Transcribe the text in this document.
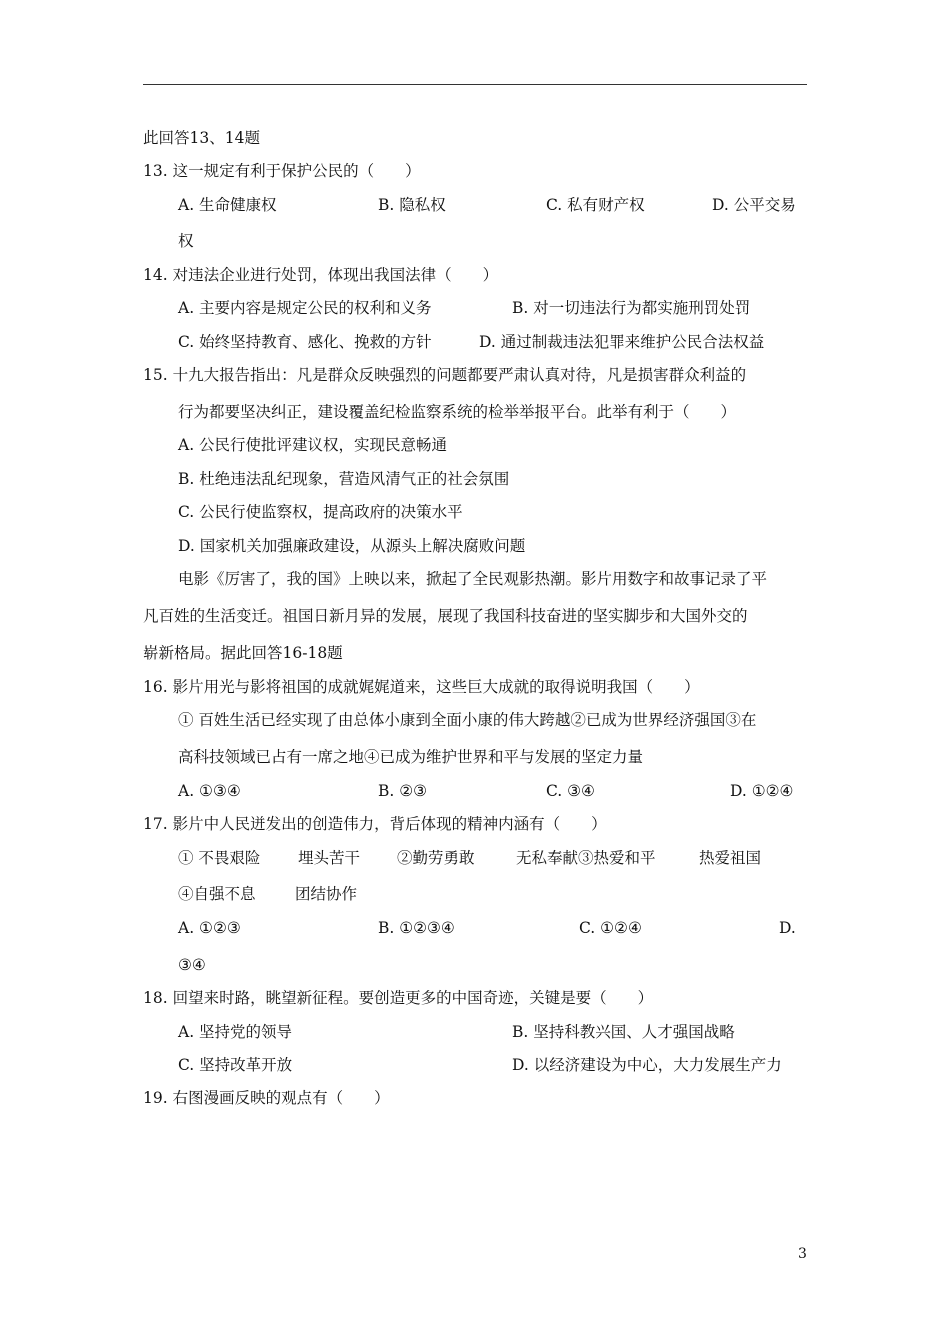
此回答13、14题
13. 这一规定有利于保护公民的（　　）
A. 生命健康权	B. 隐私权	C. 私有财产权	D. 公平交易
权
14. 对违法企业进行处罚，体现出我国法律（　　）
A. 主要内容是规定公民的权利和义务	B. 对一切违法行为都实施刑罚处罚
C. 始终坚持教育、感化、挽救的方针	D. 通过制裁违法犯罪来维护公民合法权益
15. 十九大报告指出：凡是群众反映强烈的问题都要严肃认真对待，凡是损害群众利益的
行为都要坚决纠正，建设覆盖纪检监察系统的检举举报平台。此举有利于（　　）
A. 公民行使批评建议权，实现民意畅通
B. 杜绝违法乱纪现象，营造风清气正的社会氛围
C. 公民行使监察权，提高政府的决策水平
D. 国家机关加强廉政建设，从源头上解决腐败问题
电影《厉害了，我的国》上映以来，掀起了全民观影热潮。影片用数字和故事记录了平
凡百姓的生活变迁。祖国日新月异的发展，展现了我国科技奋进的坚实脚步和大国外交的
崭新格局。据此回答16-18题
16. 影片用光与影将祖国的成就娓娓道来，这些巨大成就的取得说明我国（　　）
① 百姓生活已经实现了由总体小康到全面小康的伟大跨越②已成为世界经济强国③在
高科技领域已占有一席之地④已成为维护世界和平与发展的坚定力量
A. ①③④	B. ②③	C. ③④	D. ①②④
17. 影片中人民迸发出的创造伟力，背后体现的精神内涵有（　　）
① 不畏艰险 埋头苦干 ②勤劳勇敢	无私奉献③热爱和平	热爱祖国
④自强不息	团结协作
A. ①②③	B. ①②③④	C. ①②④	D.
③④
18. 回望来时路，眺望新征程。要创造更多的中国奇迹，关键是要（　　）
A. 坚持党的领导	B. 坚持科教兴国、人才强国战略
C. 坚持改革开放	D. 以经济建设为中心，大力发展生产力
19. 右图漫画反映的观点有（　　）
3
